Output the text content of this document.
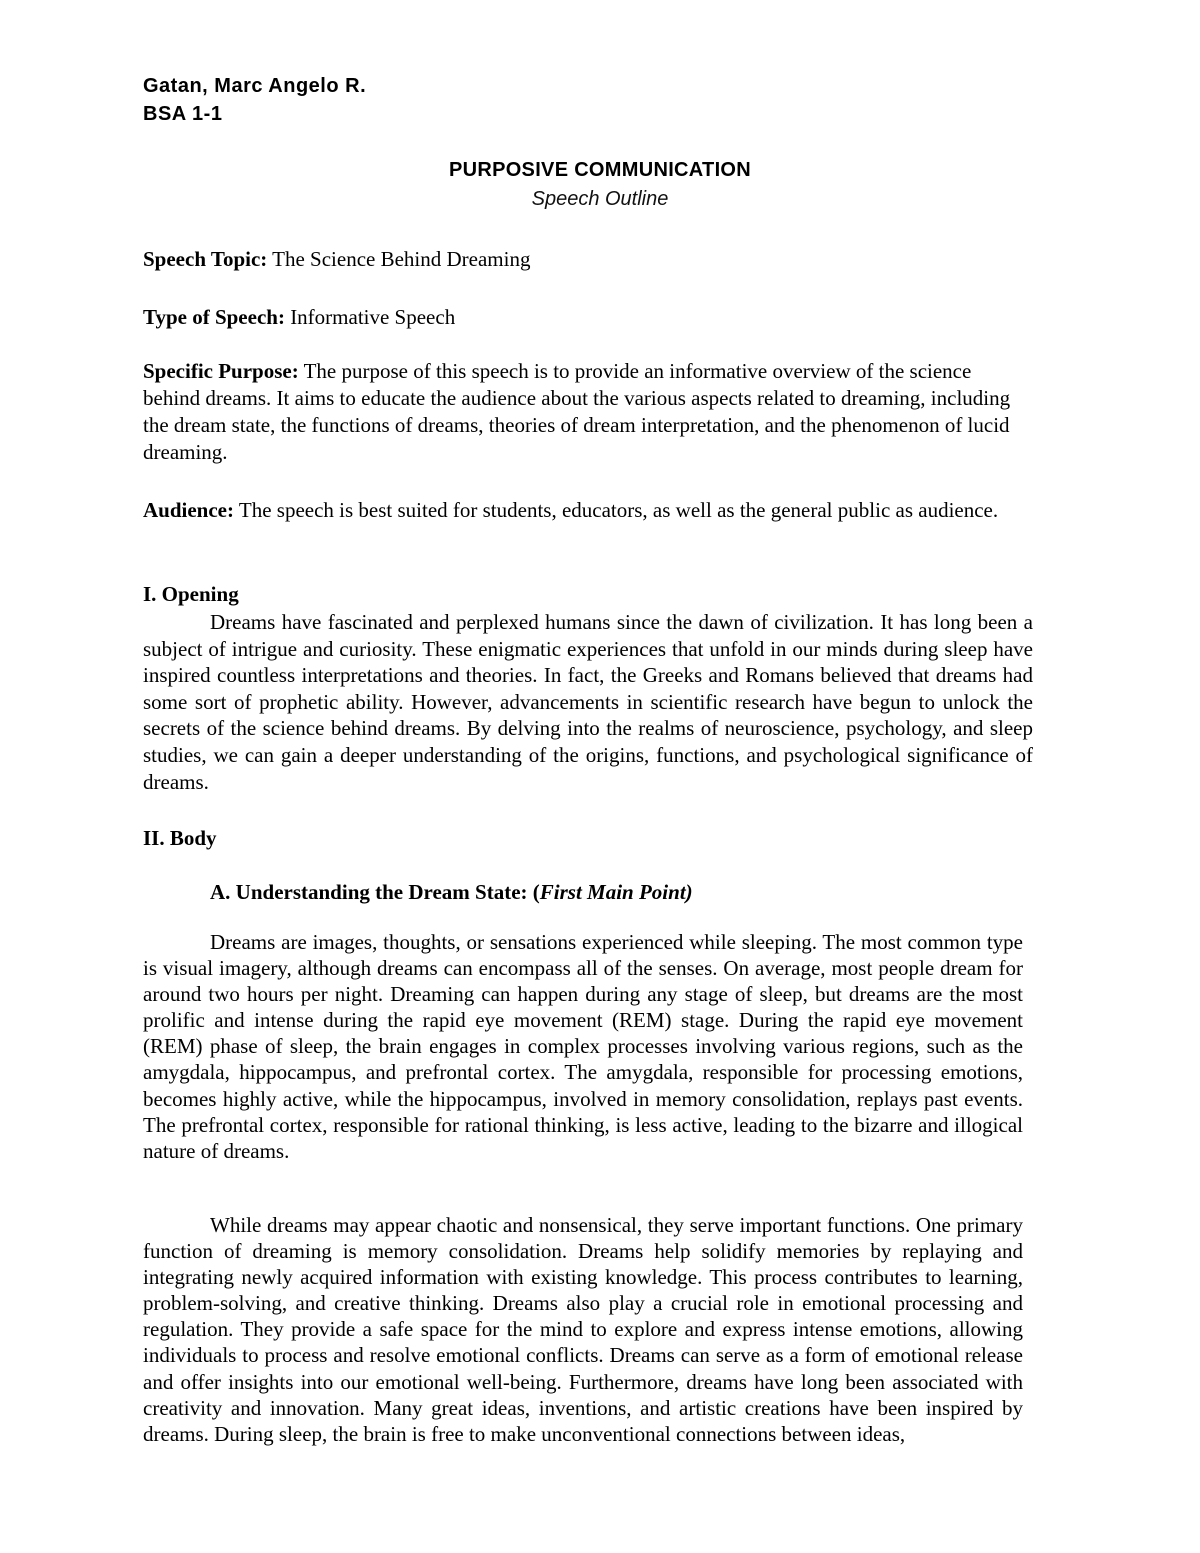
Gatan, Marc Angelo R.
BSA 1-1
PURPOSIVE COMMUNICATION
Speech Outline

Speech Topic: The Science Behind Dreaming

Type of Speech: Informative Speech

Specific Purpose: The purpose of this speech is to provide an informative overview of the science behind dreams. It aims to educate the audience about the various aspects related to dreaming, including the dream state, the functions of dreams, theories of dream interpretation, and the phenomenon of lucid dreaming.

Audience: The speech is best suited for students, educators, as well as the general public as audience.

I. Opening

Dreams have fascinated and perplexed humans since the dawn of civilization. It has long been a subject of intrigue and curiosity. These enigmatic experiences that unfold in our minds during sleep have inspired countless interpretations and theories. In fact, the Greeks and Romans believed that dreams had some sort of prophetic ability. However, advancements in scientific research have begun to unlock the secrets of the science behind dreams. By delving into the realms of neuroscience, psychology, and sleep studies, we can gain a deeper understanding of the origins, functions, and psychological significance of dreams.

II. Body
A. Understanding the Dream State: (First Main Point)

Dreams are images, thoughts, or sensations experienced while sleeping. The most common type is visual imagery, although dreams can encompass all of the senses. On average, most people dream for around two hours per night. Dreaming can happen during any stage of sleep, but dreams are the most prolific and intense during the rapid eye movement (REM) stage. During the rapid eye movement (REM) phase of sleep, the brain engages in complex processes involving various regions, such as the amygdala, hippocampus, and prefrontal cortex. The amygdala, responsible for processing emotions, becomes highly active, while the hippocampus, involved in memory consolidation, replays past events. The prefrontal cortex, responsible for rational thinking, is less active, leading to the bizarre and illogical nature of dreams.

While dreams may appear chaotic and nonsensical, they serve important functions. One primary function of dreaming is memory consolidation. Dreams help solidify memories by replaying and integrating newly acquired information with existing knowledge. This process contributes to learning, problem-solving, and creative thinking. Dreams also play a crucial role in emotional processing and regulation. They provide a safe space for the mind to explore and express intense emotions, allowing individuals to process and resolve emotional conflicts. Dreams can serve as a form of emotional release and offer insights into our emotional well-being. Furthermore, dreams have long been associated with creativity and innovation. Many great ideas, inventions, and artistic creations have been inspired by dreams. During sleep, the brain is free to make unconventional connections between ideas,
